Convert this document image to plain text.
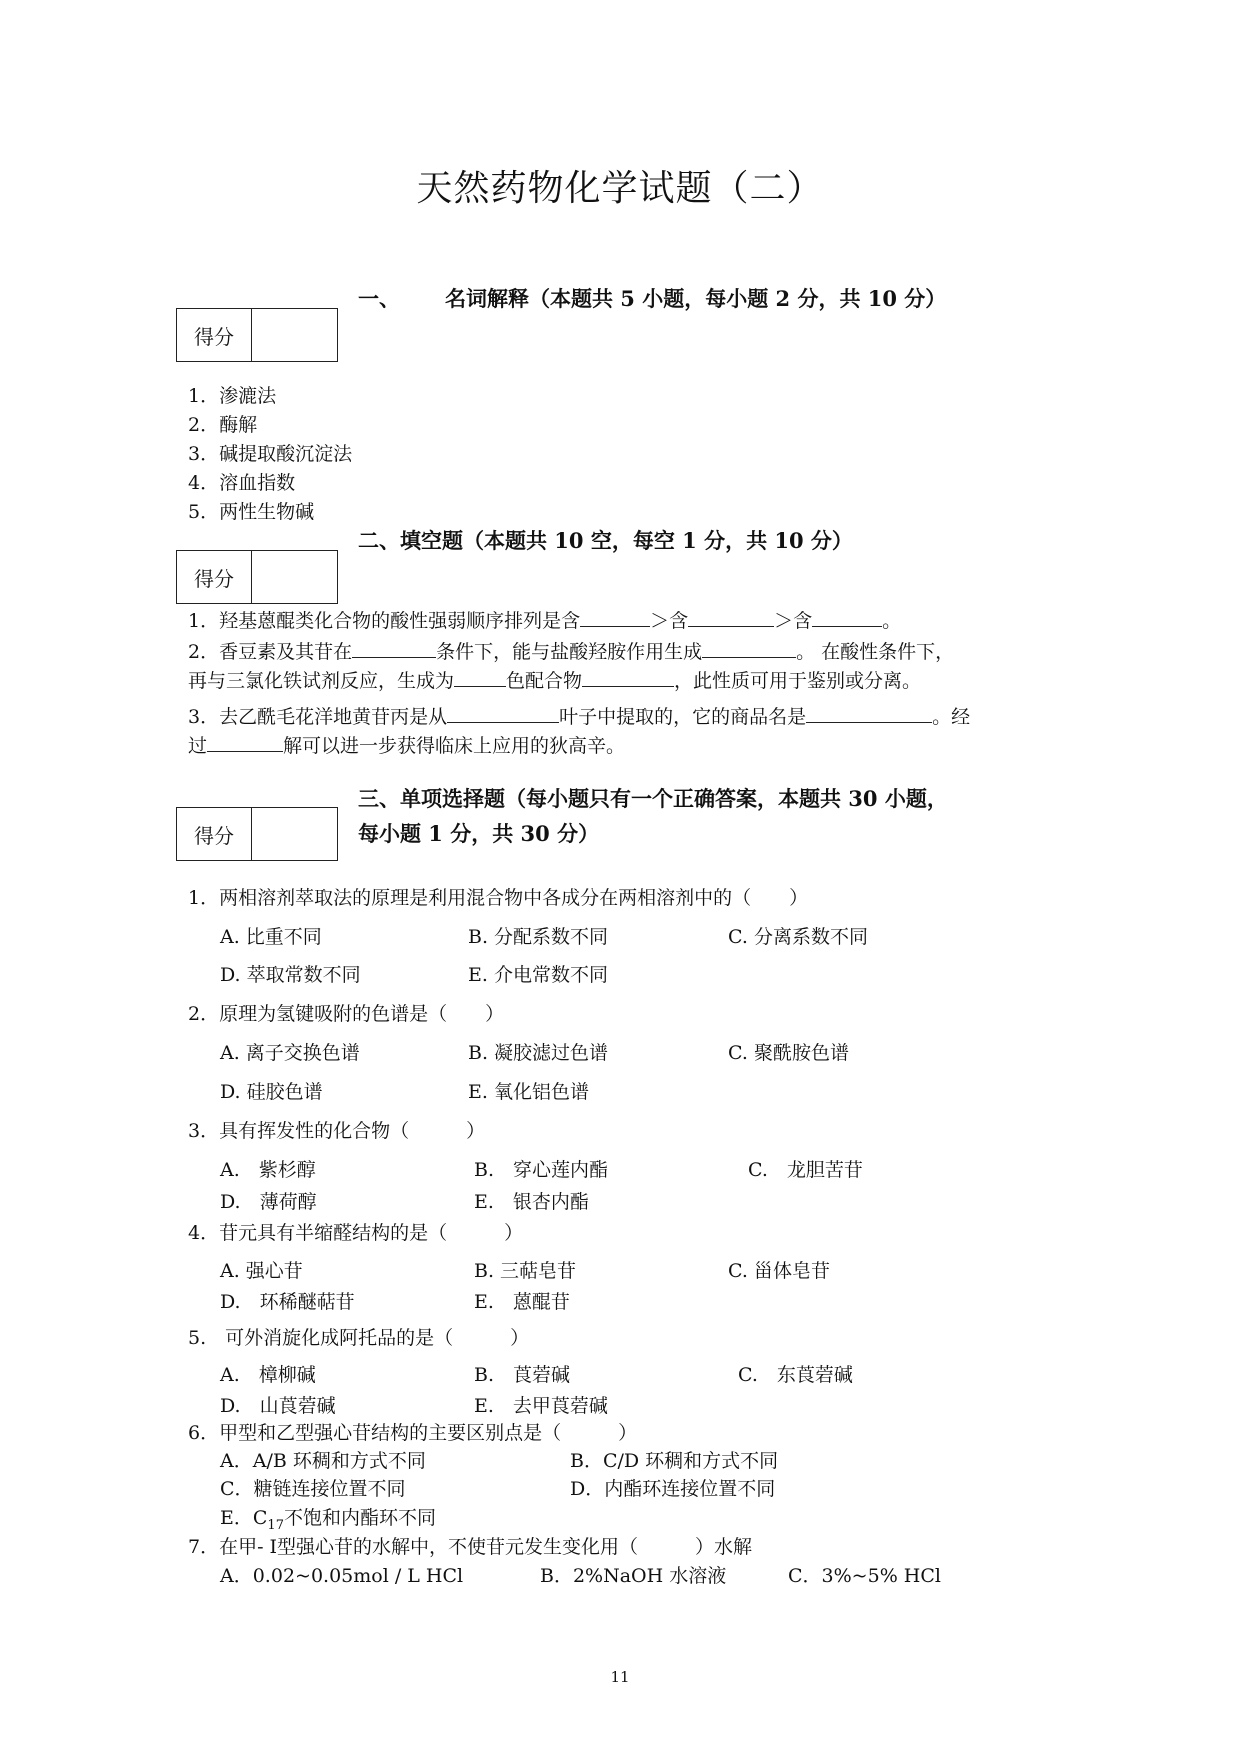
天然药物化学试题（二）
一、 名词解释（本题共 5 小题，每小题 2 分，共 10 分）
得分
1．渗漉法
2．酶解
3．碱提取酸沉淀法
4．溶血指数
5．两性生物碱
二、填空题（本题共 10 空，每空 1 分，共 10 分）
得分
1．羟基蒽醌类化合物的酸性强弱顺序排列是含	＞含	＞含	。
2．香豆素及其苷在	条件下，能与盐酸羟胺作用生成	。 在酸性条件下，
再与三氯化铁试剂反应，生成为	色配合物	，此性质可用于鉴别或分离。
3．去乙酰毛花洋地黄苷丙是从	叶子中提取的，它的商品名是	。经
过	解可以进一步获得临床上应用的狄高辛。
三、单项选择题（每小题只有一个正确答案，本题共 30 小题，
每小题 1 分，共 30 分）
得分
1．两相溶剂萃取法的原理是利用混合物中各成分在两相溶剂中的（　　）
A. 比重不同	B. 分配系数不同	C. 分离系数不同
D. 萃取常数不同	E. 介电常数不同
2．原理为氢键吸附的色谱是（　　）
A. 离子交换色谱	B. 凝胶滤过色谱	C. 聚酰胺色谱
D. 硅胶色谱	E. 氧化铝色谱
3．具有挥发性的化合物（　　　）
A.　紫杉醇	B.　穿心莲内酯	C.　龙胆苦苷
D.　薄荷醇	E.　银杏内酯
4．苷元具有半缩醛结构的是（　　　）
A. 强心苷	B. 三萜皂苷	C. 甾体皂苷
D.　环稀醚萜苷	E.　蒽醌苷
5.　可外消旋化成阿托品的是（　　　）
A.　樟柳碱	B.　莨菪碱	C.　东莨菪碱
D.　山莨菪碱	E.　去甲莨菪碱
6．甲型和乙型强心苷结构的主要区别点是（　　　）
A．A/B 环稠和方式不同	B．C/D 环稠和方式不同
C．糖链连接位置不同	D．内酯环连接位置不同
E．$C_{17}$不饱和内酯环不同
7．在甲- Ⅰ型强心苷的水解中，不使苷元发生变化用（　　　）水解
A．0.02~0.05mol / L HCl	B．2%NaOH 水溶液	C．3%~5% HCl
11
